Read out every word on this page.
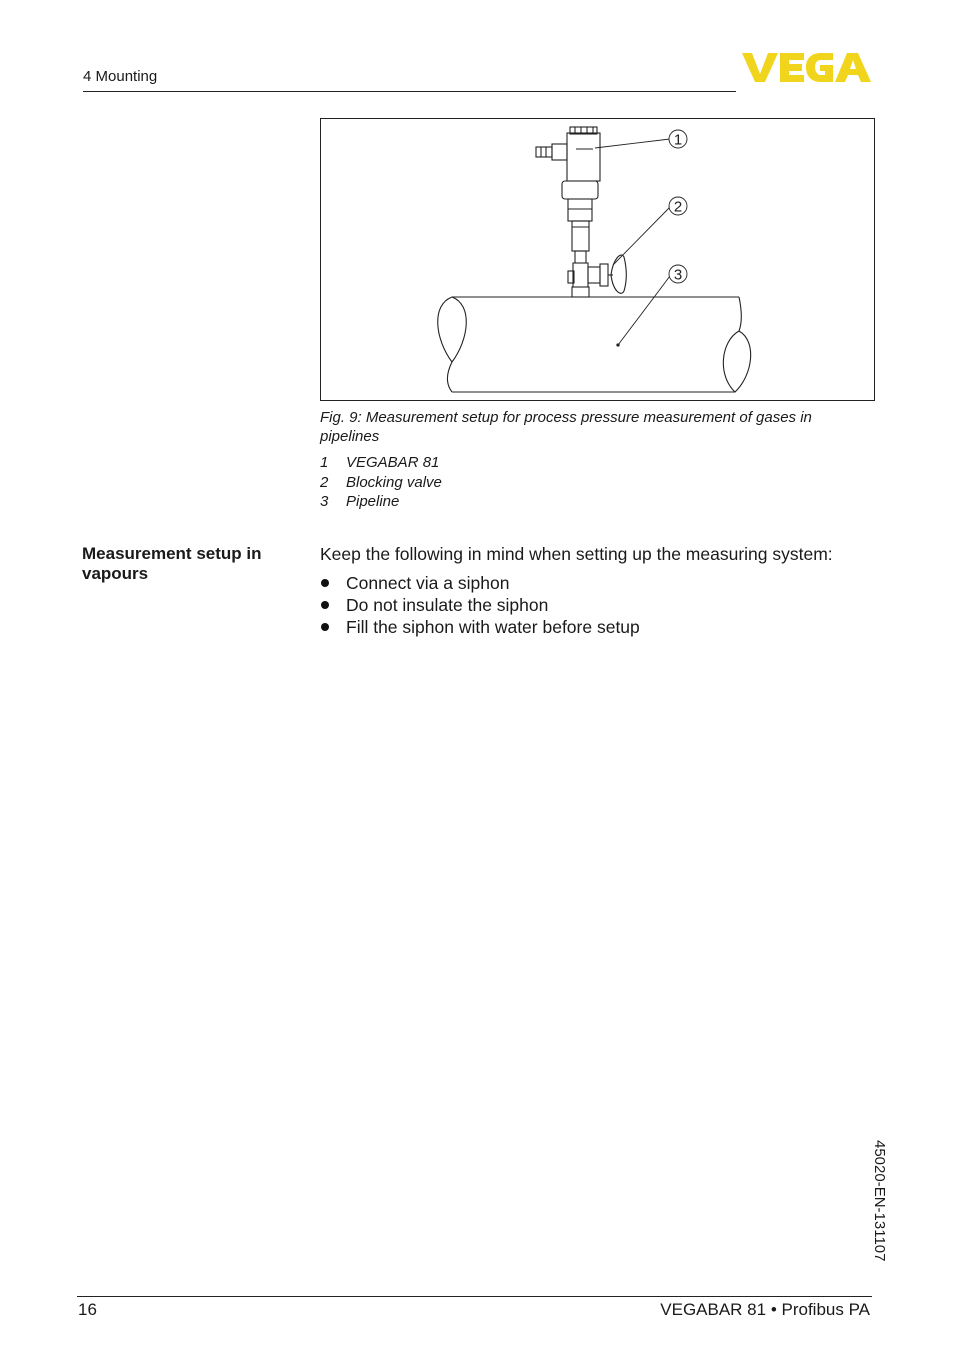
4 Mounting
1
2
3
Fig. 9: Measurement setup for process pressure measurement of gases in pipelines
1	VEGABAR 81
2	Blocking valve
3	Pipeline
Measurement setup in vapours
Keep the following in mind when setting up the measuring system:
Connect via a siphon
Do not insulate the siphon
Fill the siphon with water before setup
45020-EN-131107
16	VEGABAR 81 • Profibus PA
